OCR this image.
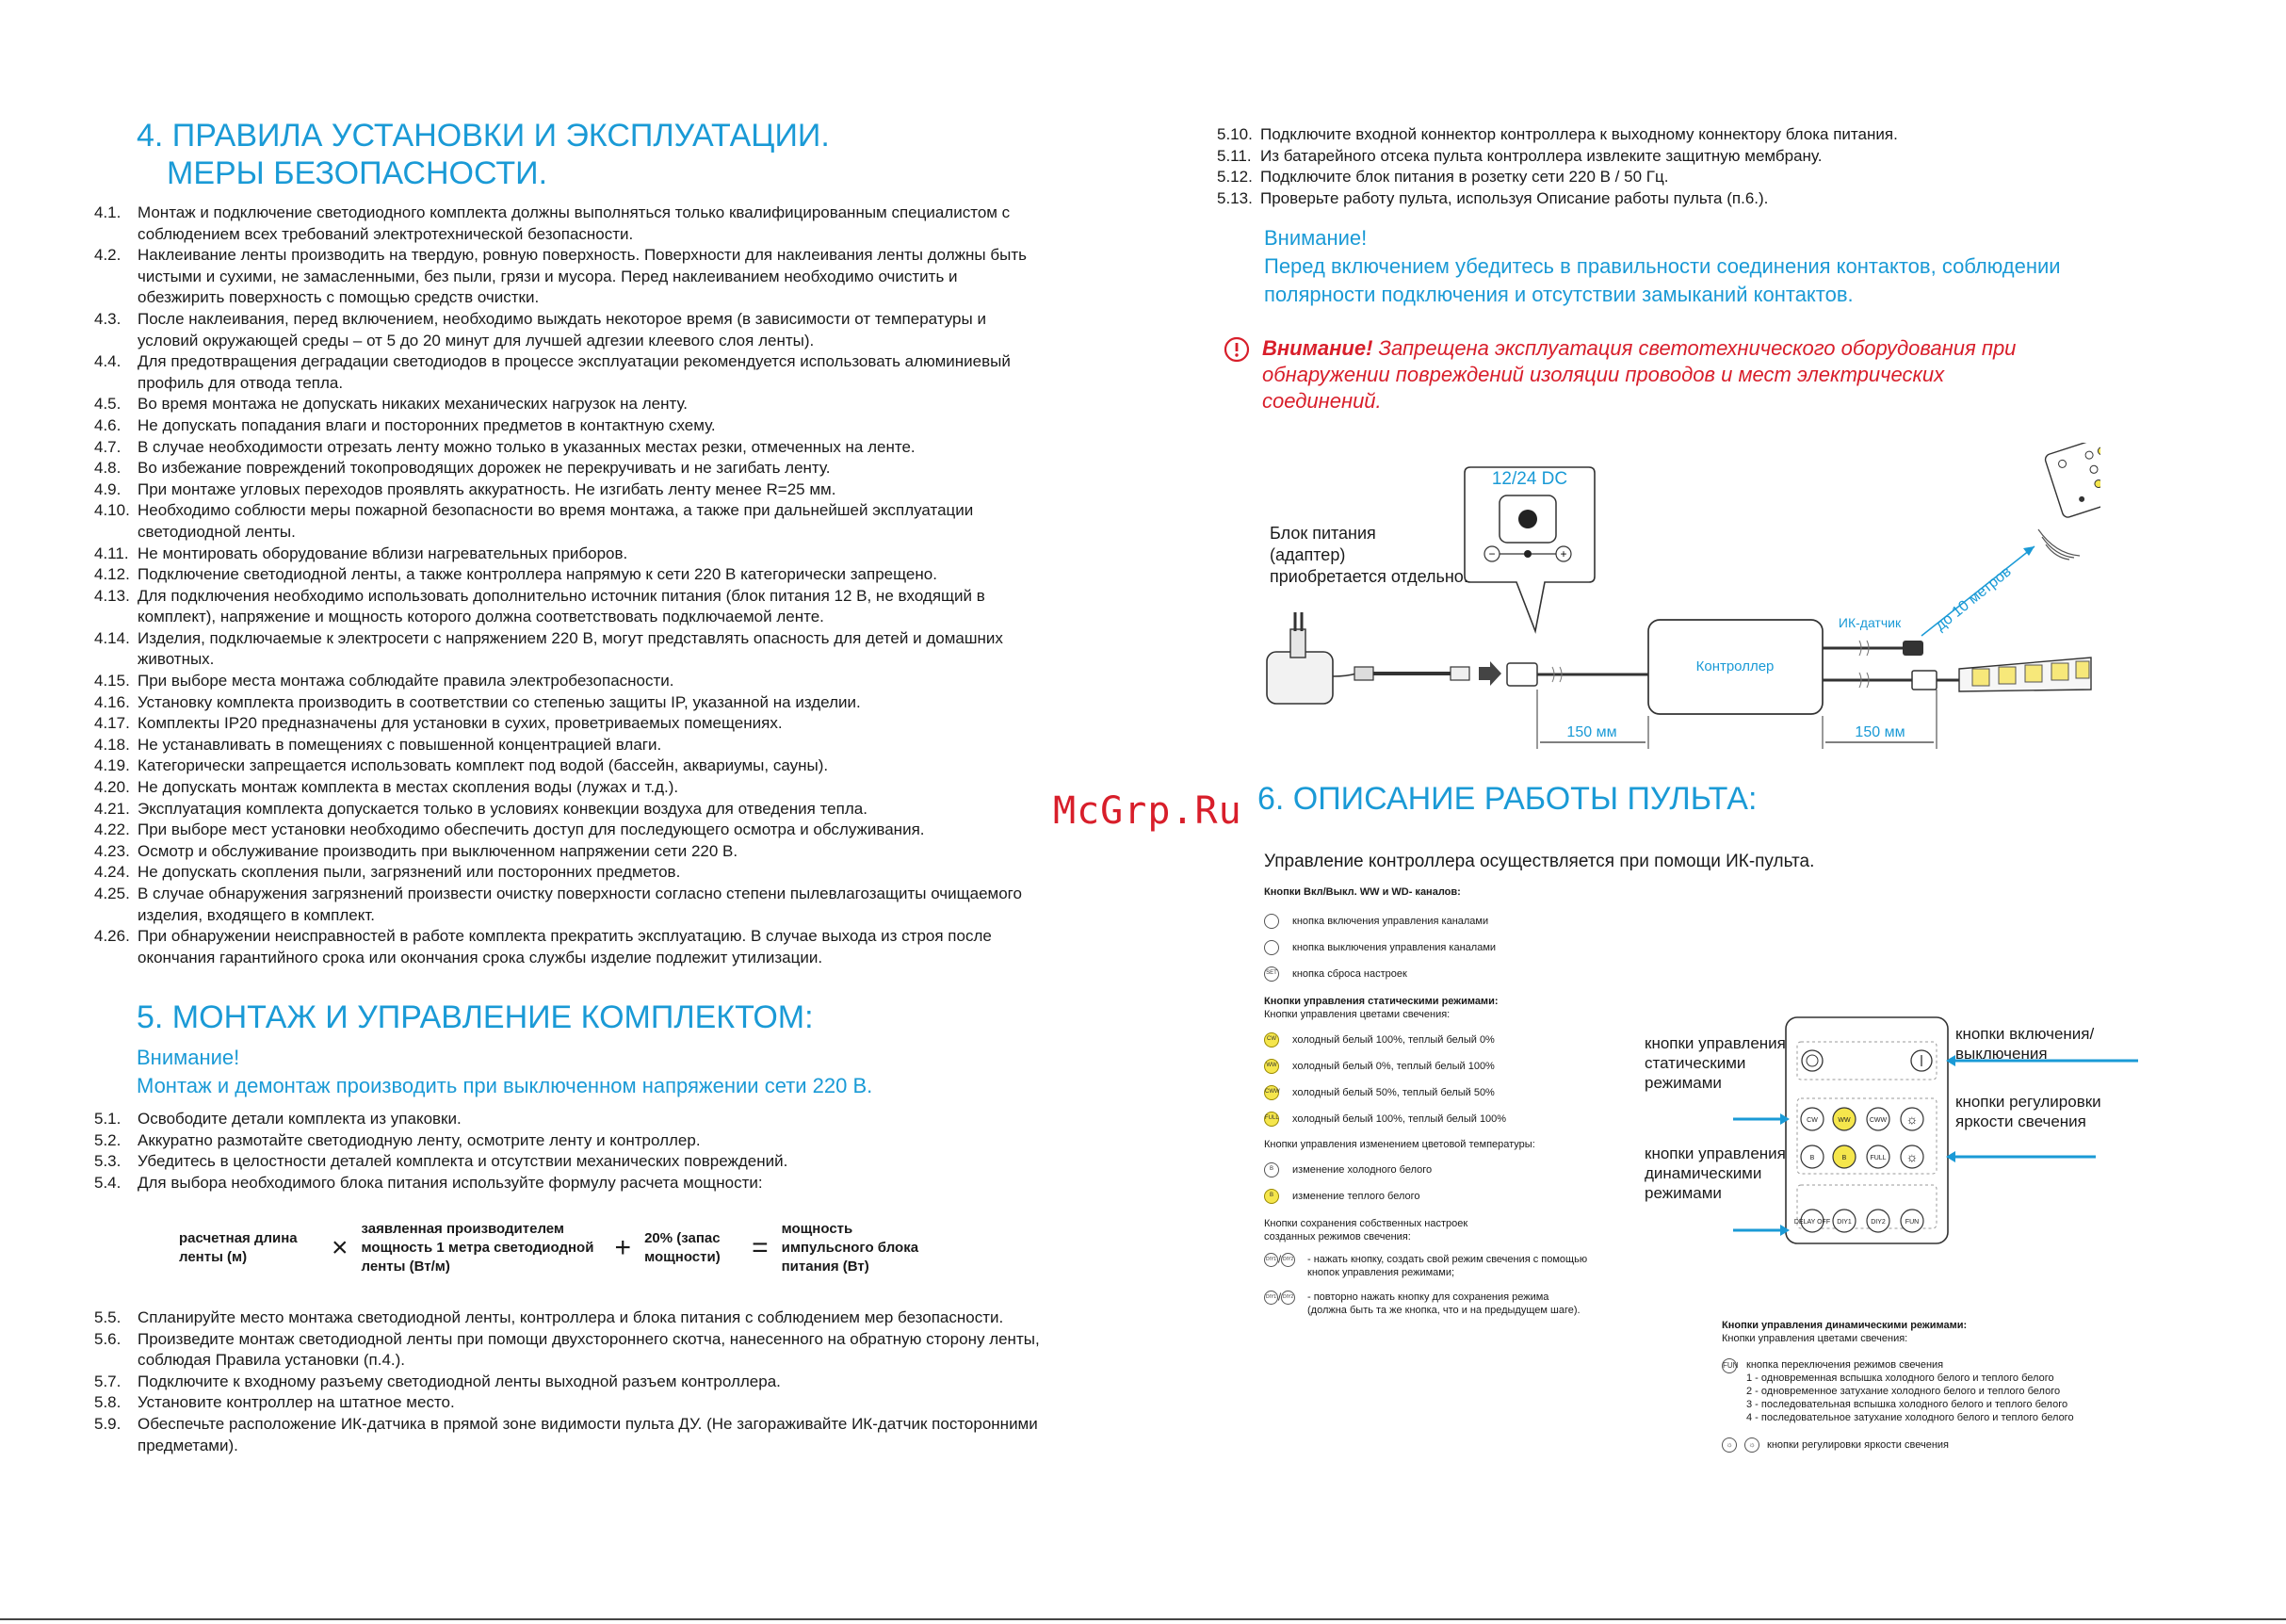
McGrp.Ru
4. ПРАВИЛА УСТАНОВКИ И ЭКСПЛУАТАЦИИ.
МЕРЫ БЕЗОПАСНОСТИ.
4.1.	Монтаж и подключение светодиодного комплекта должны выполняться только квалифицированным специалистом с соблюдением всех требований электротехнической безопасности.
4.2.	Наклеивание ленты производить на твердую, ровную поверхность. Поверхности для наклеивания ленты должны быть чистыми и сухими, не замасленными, без пыли, грязи и мусора. Перед наклеиванием необходимо очистить и обезжирить поверхность с помощью средств очистки.
4.3.	После наклеивания, перед включением, необходимо выждать некоторое время (в зависимости от температуры и условий окружающей среды – от 5 до 20 минут для лучшей адгезии клеевого слоя ленты).
4.4.	Для предотвращения деградации светодиодов в процессе эксплуатации рекомендуется использовать алюминиевый профиль для отвода тепла.
4.5.	Во время монтажа не допускать никаких механических нагрузок на ленту.
4.6.	Не допускать попадания влаги и посторонних предметов в контактную схему.
4.7.	В случае необходимости отрезать ленту можно только в указанных местах резки, отмеченных на ленте.
4.8.	Во избежание повреждений токопроводящих дорожек не перекручивать и не загибать ленту.
4.9.	При монтаже угловых переходов проявлять аккуратность. Не изгибать ленту менее R=25 мм.
4.10. Необходимо соблюсти меры пожарной безопасности во время монтажа, а также при дальнейшей эксплуатации светодиодной ленты.
4.11. Не монтировать оборудование вблизи нагревательных приборов.
4.12. Подключение светодиодной ленты, а также контроллера напрямую к сети 220 В категорически запрещено.
4.13. Для подключения необходимо использовать дополнительно источник питания (блок питания 12 В, не входящий в комплект), напряжение и мощность которого должна соответствовать подключаемой ленте.
4.14. Изделия, подключаемые к электросети с напряжением 220 В, могут представлять опасность для детей и домашних животных.
4.15. При выборе места монтажа соблюдайте правила электробезопасности.
4.16. Установку комплекта производить в соответствии со степенью защиты IP, указанной на изделии.
4.17. Комплекты IP20 предназначены для установки в сухих, проветриваемых помещениях.
4.18. Не устанавливать в помещениях с повышенной концентрацией влаги.
4.19. Категорически запрещается использовать комплект под водой (бассейн, аквариумы, сауны).
4.20. Не допускать монтаж комплекта в местах скопления воды (лужах и т.д.).
4.21. Эксплуатация комплекта допускается только в условиях конвекции воздуха для отведения тепла.
4.22. При выборе мест установки необходимо обеспечить доступ для последующего осмотра и обслуживания.
4.23. Осмотр и обслуживание производить при выключенном напряжении сети 220 В.
4.24. Не допускать скопления пыли, загрязнений или посторонних предметов.
4.25. В случае обнаружения загрязнений произвести очистку поверхности согласно степени пылевлагозащиты очищаемого изделия, входящего в комплект.
4.26. При обнаружении неисправностей в работе комплекта прекратить эксплуатацию. В случае выхода из строя после окончания гарантийного срока или окончания срока службы изделие подлежит утилизации.
5. МОНТАЖ И УПРАВЛЕНИЕ КОМПЛЕКТОМ:
Внимание!
Монтаж и демонтаж производить при выключенном напряжении сети 220 В.
5.1.	Освободите детали комплекта из упаковки.
5.2.	Аккуратно размотайте светодиодную ленту, осмотрите ленту и контроллер.
5.3.	Убедитесь в целостности деталей комплекта и отсутствии механических повреждений.
5.4.	Для выбора необходимого блока питания используйте формулу расчета мощности:
расчетная длина ленты (м)	×
заявленная производителем мощность 1 метра светодиодной ленты (Вт/м)
+ 20% (запас мощности)	=
мощность импульсного блока питания (Вт)
5.5.	Спланируйте место монтажа светодиодной ленты, контроллера и блока питания с соблюдением мер безопасности.
5.6.	Произведите монтаж светодиодной ленты при помощи двухстороннего скотча, нанесенного на обратную сторону ленты, соблюдая Правила установки (п.4.).
5.7.	Подключите к входному разъему светодиодной ленты выходной разъем контроллера.
5.8.	Установите контроллер на штатное место.
5.9.	Обеспечьте расположение ИК-датчика в прямой зоне видимости пульта ДУ. (Не загораживайте ИК-датчик посторонними предметами).
5.10. Подключите входной коннектор контроллера к выходному коннектору блока питания.
5.11. Из батарейного отсека пульта контроллера извлеките защитную мембрану.
5.12. Подключите блок питания в розетку сети 220 В / 50 Гц.
5.13. Проверьте работу пульта, используя Описание работы пульта (п.6.).
Внимание!
Перед включением убедитесь в правильности соединения контактов, соблюдении полярности подключения и отсутствии замыканий контактов.
Внимание! Запрещена эксплуатация светотехнического оборудования при обнаружении повреждений изоляции проводов и мест электрических соединений.
12/24 DC
−	+
Блок питания (адаптер) приобретается отдельно.
Контроллер
ИК-датчик до 10 метров
150 мм	150 мм
6. ОПИСАНИЕ РАБОТЫ ПУЛЬТА:
Управление контроллера осуществляется при помощи ИК-пульта.
Кнопки Вкл/Выкл. WW и WD- каналов:
кнопка включения управления каналами
кнопка выключения управления каналами
SET кнопка сброса настроек
Кнопки управления статическими режимами:
Кнопки управления цветами свечения:
CW холодный белый 100%, теплый белый 0%
WW холодный белый 0%, теплый белый 100%
CWW холодный белый 50%, теплый белый 50%
FULL холодный белый 100%, теплый белый 100%
Кнопки управления изменением цветовой температуры:
B	изменение холодного белого
B	изменение теплого белого
Кнопки сохранения собственных настроек созданных режимов свечения:
DIY1 / DIY2	- нажать кнопку, создать свой режим свечения с помощью кнопок управления режимами;
DIY1 / DIY2	- повторно нажать кнопку для сохранения режима (должна быть та же кнопка, что и на предыдущем шаге).
кнопки управления статическими режимами
кнопки управления динамическими режимами
кнопки включения/выключения
кнопки регулировки яркости свечения
CW	WW	CWW
B	B	FULL
DELAY OFF DIY1	DIY2	FUN
☼
☼
Кнопки управления динамическими режимами:
Кнопки управления цветами свечения:
FUN кнопка переключения режимов свечения
1 - одновременная вспышка холодного белого и теплого белого
2 - одновременное затухание холодного белого и теплого белого
3 - последовательная вспышка холодного белого и теплого белого
4 - последовательное затухание холодного белого и теплого белого
☼	☼	кнопки регулировки яркости свечения
